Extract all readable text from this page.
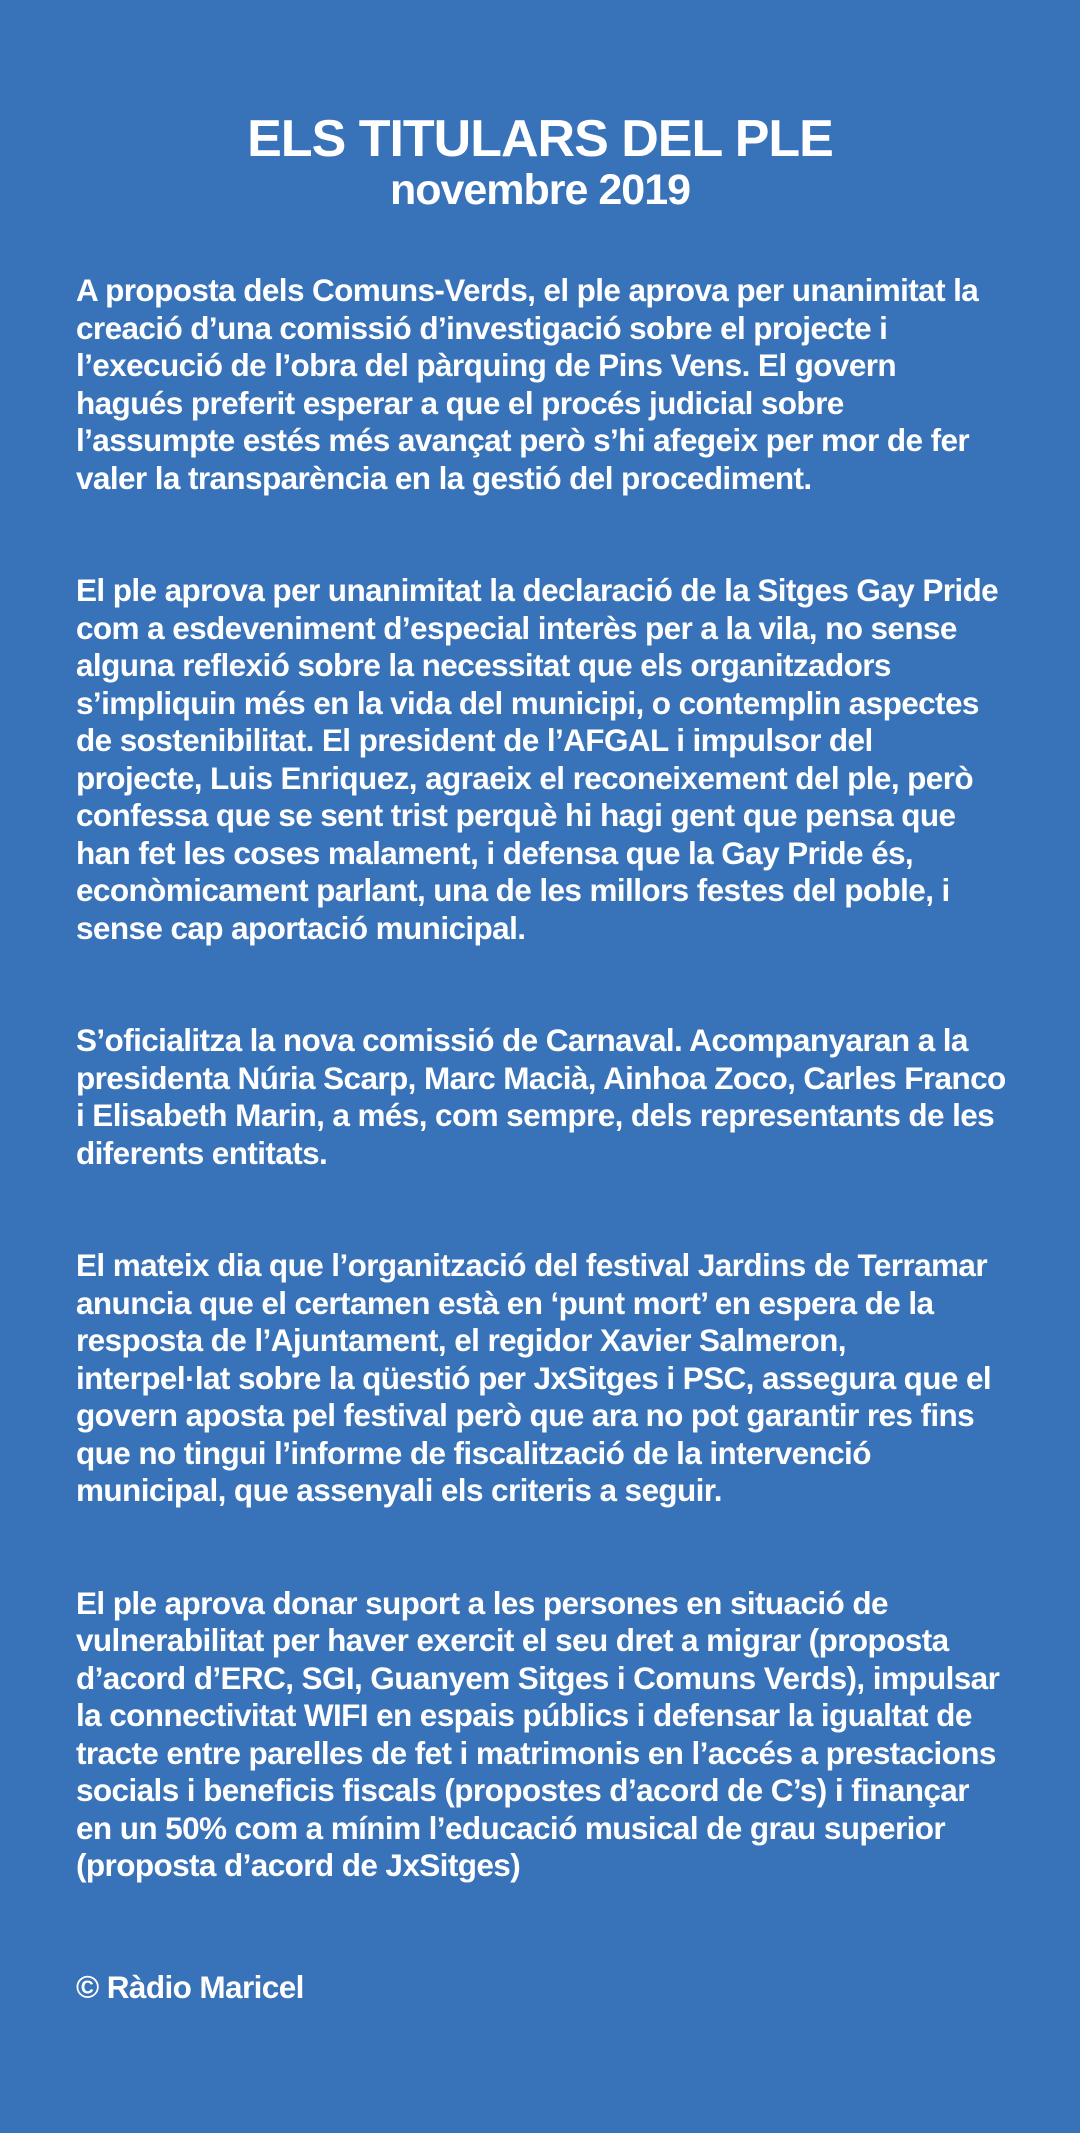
ELS TITULARS DEL PLE
novembre 2019

A proposta dels Comuns-Verds, el ple aprova per unanimitat la creació d’una comissió d’investigació sobre el projecte i l’execució de l’obra del pàrquing de Pins Vens. El govern hagués preferit esperar a que el procés judicial sobre l’assumpte estés més avançat però s’hi afegeix per mor de fer valer la transparència en la gestió del procediment.

El ple aprova per unanimitat la declaració de la Sitges Gay Pride com a esdeveniment d’especial interès per a la vila, no sense alguna reflexió sobre la necessitat que els organitzadors s’impliquin més en la vida del municipi, o contemplin aspectes de sostenibilitat. El president de l’AFGAL i impulsor del projecte, Luis Enriquez, agraeix el reconeixement del ple, però confessa que se sent trist perquè hi hagi gent que pensa que han fet les coses malament, i defensa que la Gay Pride és, econòmicament parlant, una de les millors festes del poble, i sense cap aportació municipal.

S’oficialitza la nova comissió de Carnaval. Acompanyaran a la presidenta Núria Scarp, Marc Macià, Ainhoa Zoco, Carles Franco i Elisabeth Marin, a més, com sempre, dels representants de les diferents entitats.

El mateix dia que l’organització del festival Jardins de Terramar anuncia que el certamen està en ‘punt mort’ en espera de la resposta de l’Ajuntament, el regidor Xavier Salmeron, interpel·lat sobre la qüestió per JxSitges i PSC, assegura que el govern aposta pel festival però que ara no pot garantir res fins que no tingui l’informe de fiscalització de la intervenció municipal, que assenyali els criteris a seguir.

El ple aprova donar suport a les persones en situació de vulnerabilitat per haver exercit el seu dret a migrar (proposta d’acord d’ERC, SGI, Guanyem Sitges i Comuns Verds), impulsar la connectivitat WIFI en espais públics i defensar la igualtat de tracte entre parelles de fet i matrimonis en l’accés a prestacions socials i beneficis fiscals (propostes d’acord de C’s) i finançar en un 50% com a mínim l’educació musical de grau superior (proposta d’acord de JxSitges)

© Ràdio Maricel
